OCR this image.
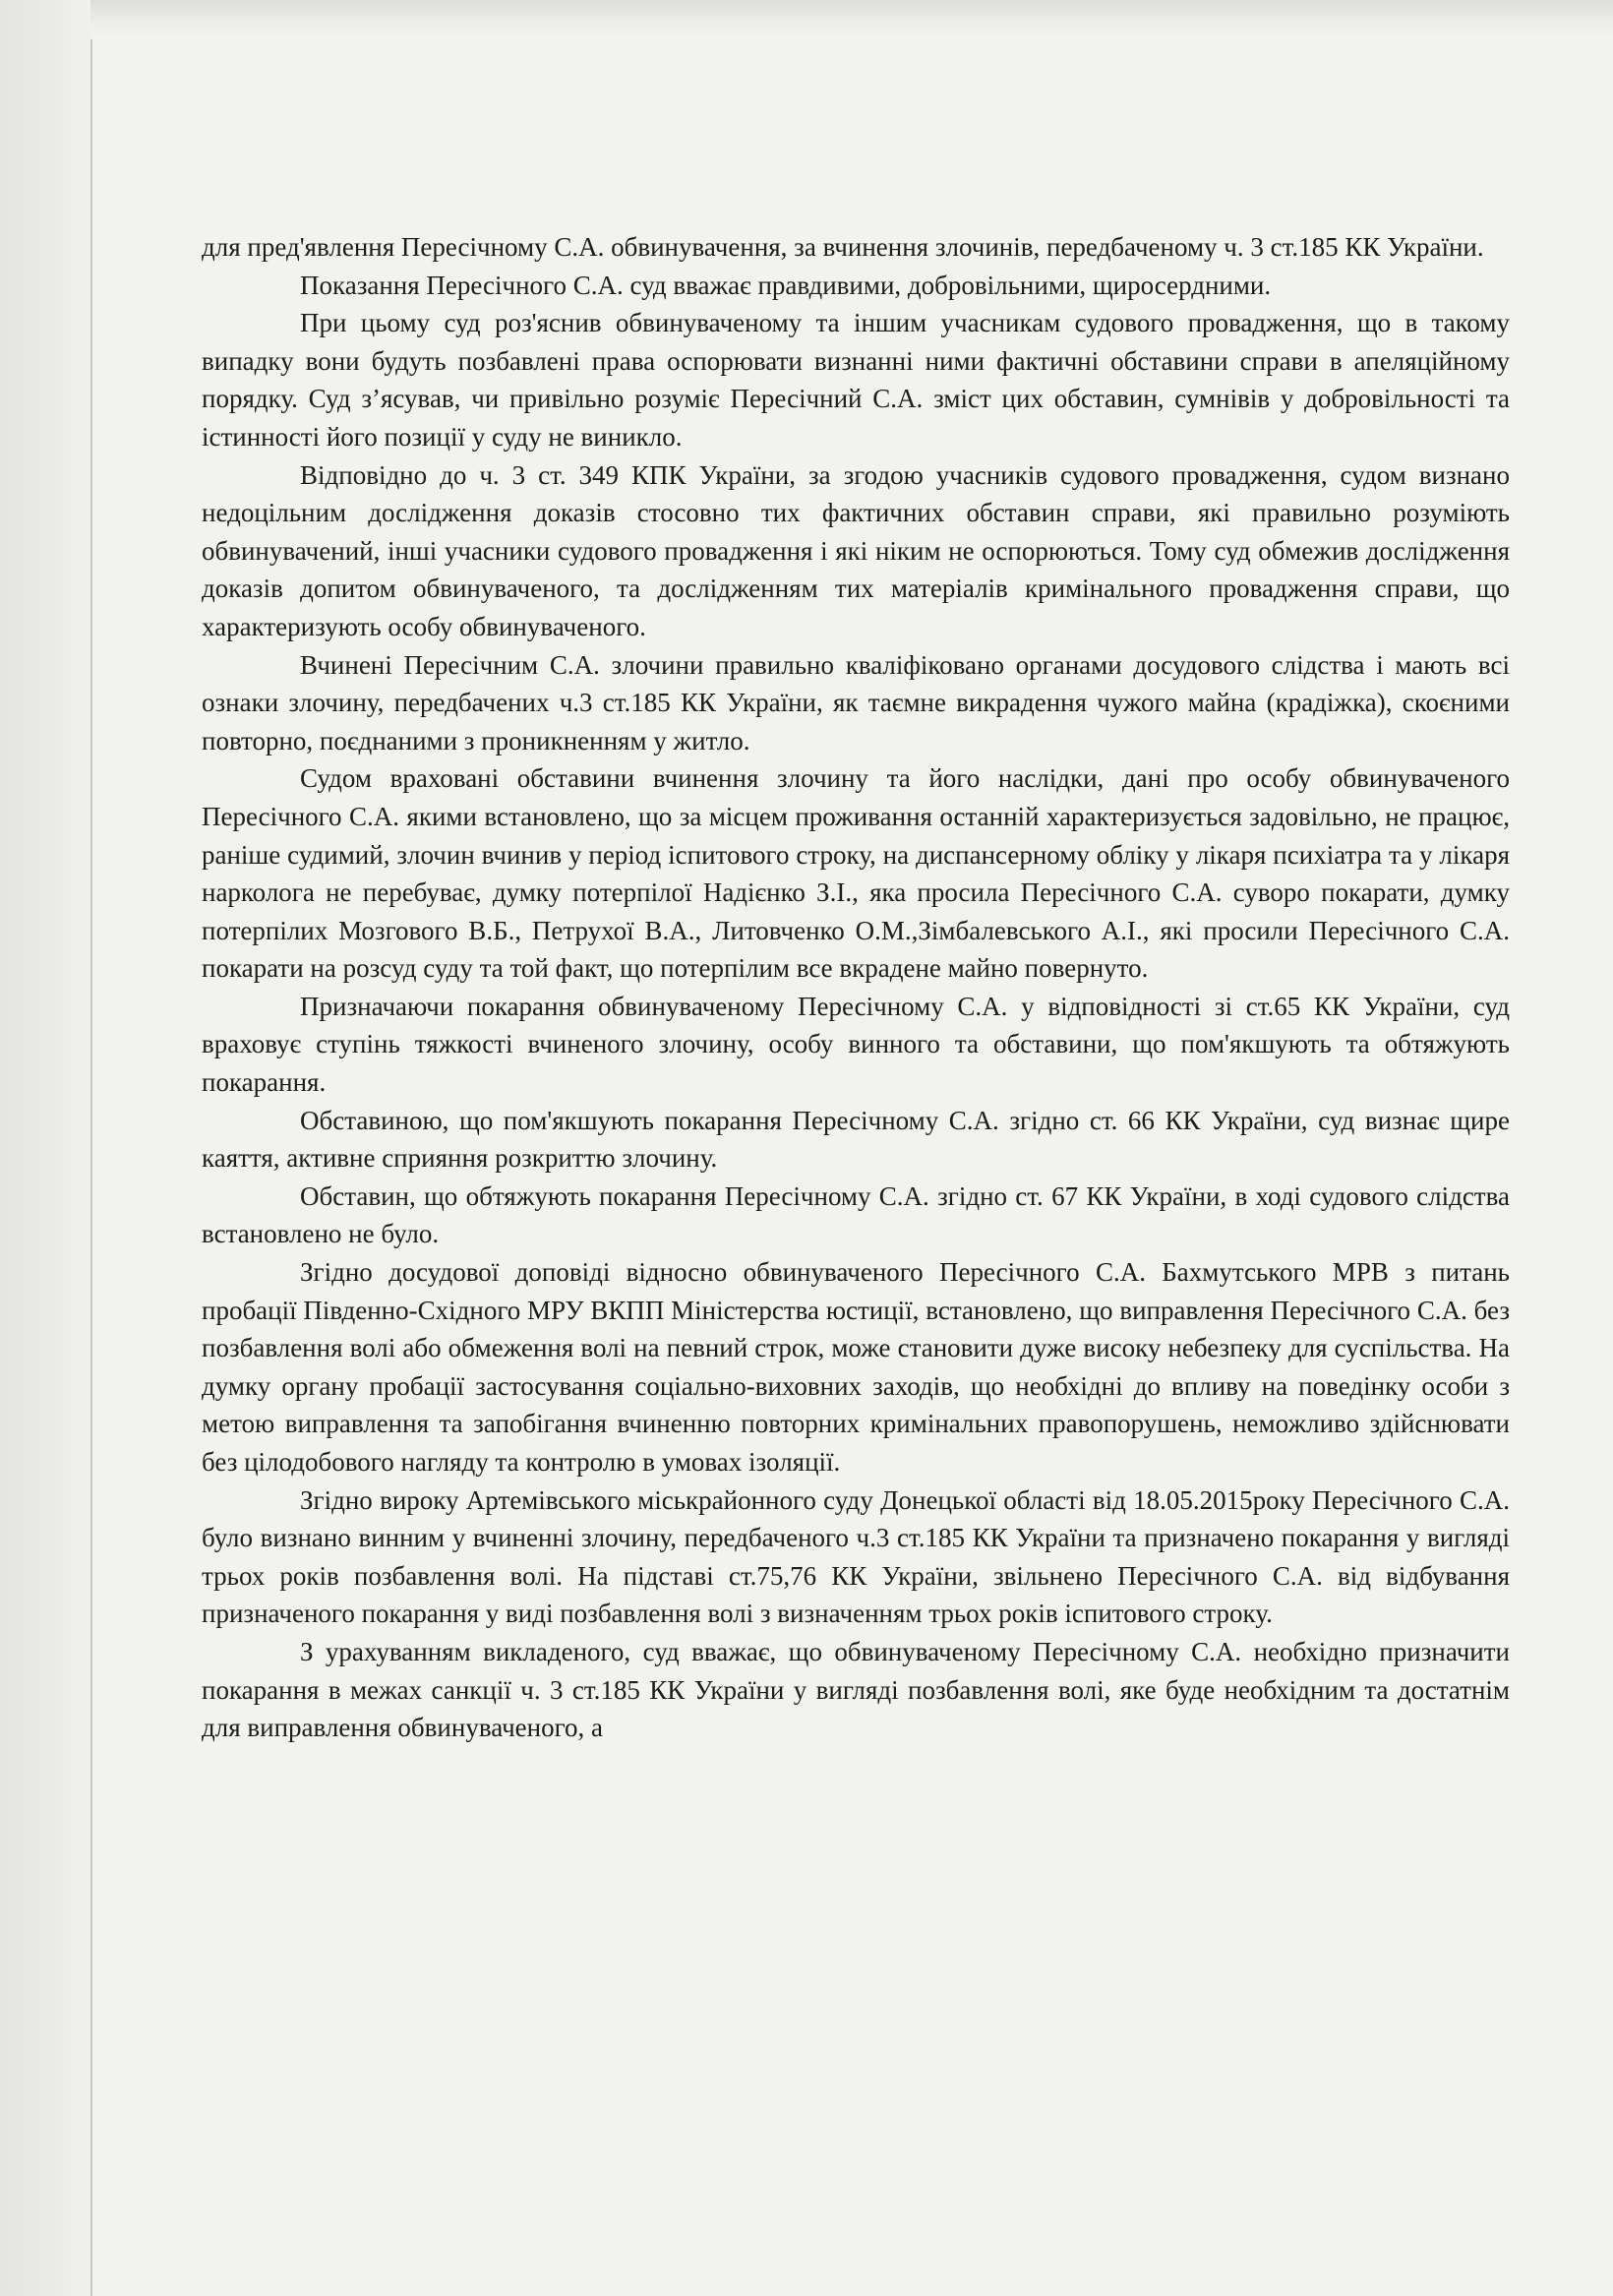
для пред'явлення Пересічному С.А. обвинувачення, за вчинення злочинів, передбаченому ч. 3 ст.185 КК України.

Показання Пересічного С.А. суд вважає правдивими, добровільними, щиросердними.

При цьому суд роз'яснив обвинуваченому та іншим учасникам судового провадження, що в такому випадку вони будуть позбавлені права оспорювати визнанні ними фактичні обставини справи в апеляційному порядку. Суд з’ясував, чи привільно розуміє Пересічний С.А. зміст цих обставин, сумнівів у добровільності та істинності його позиції у суду не виникло.

Відповідно до ч. 3 ст. 349 КПК України, за згодою учасників судового провадження, судом визнано недоцільним дослідження доказів стосовно тих фактичних обставин справи, які правильно розуміють обвинувачений, інші учасники судового провадження і які ніким не оспорюються. Тому суд обмежив дослідження доказів допитом обвинуваченого, та дослідженням тих матеріалів кримінального провадження справи, що характеризують особу обвинуваченого.

Вчинені Пересічним С.А. злочини правильно кваліфіковано органами досудового слідства і мають всі ознаки злочину, передбачених ч.3 ст.185 КК України, як таємне викрадення чужого майна (крадіжка), скоєними повторно, поєднаними з проникненням у житло.

Судом враховані обставини вчинення злочину та його наслідки, дані про особу обвинуваченого Пересічного С.А. якими встановлено, що за місцем проживання останній характеризується задовільно, не працює, раніше судимий, злочин вчинив у період іспитового строку, на диспансерному обліку у лікаря психіатра та у лікаря нарколога не перебуває, думку потерпілої Надієнко З.І., яка просила Пересічного С.А. суворо покарати, думку потерпілих Мозгового В.Б., Петрухої В.А., Литовченко О.М.,Зімбалевського А.І., які просили Пересічного С.А. покарати на розсуд суду та той факт, що потерпілим все вкрадене майно повернуто.

Призначаючи покарання обвинуваченому Пересічному С.А. у відповідності зі ст.65 КК України, суд враховує ступінь тяжкості вчиненого злочину, особу винного та обставини, що пом'якшують та обтяжують покарання.

Обставиною, що пом'якшують покарання Пересічному С.А. згідно ст. 66 КК України, суд визнає щире каяття, активне сприяння розкриттю злочину.

Обставин, що обтяжують покарання Пересічному С.А. згідно ст. 67 КК України, в ході судового слідства встановлено не було.

Згідно досудової доповіді відносно обвинуваченого Пересічного С.А. Бахмутського МРВ з питань пробації Південно-Східного МРУ ВКПП Міністерства юстиції, встановлено, що виправлення Пересічного С.А. без позбавлення волі або обмеження волі на певний строк, може становити дуже високу небезпеку для суспільства. На думку органу пробації застосування соціально-виховних заходів, що необхідні до впливу на поведінку особи з метою виправлення та запобігання вчиненню повторних кримінальних правопорушень, неможливо здійснювати без цілодобового нагляду та контролю в умовах ізоляції.

Згідно вироку Артемівського міськрайонного суду Донецької області від 18.05.2015року Пересічного С.А. було визнано винним у вчиненні злочину, передбаченого ч.3 ст.185 КК України та призначено покарання у вигляді трьох років позбавлення волі. На підставі ст.75,76 КК України, звільнено Пересічного С.А. від відбування призначеного покарання у виді позбавлення волі з визначенням трьох років іспитового строку.

З урахуванням викладеного, суд вважає, що обвинуваченому Пересічному С.А. необхідно призначити покарання в межах санкції ч. 3 ст.185 КК України у вигляді позбавлення волі, яке буде необхідним та достатнім для виправлення обвинуваченого, а
